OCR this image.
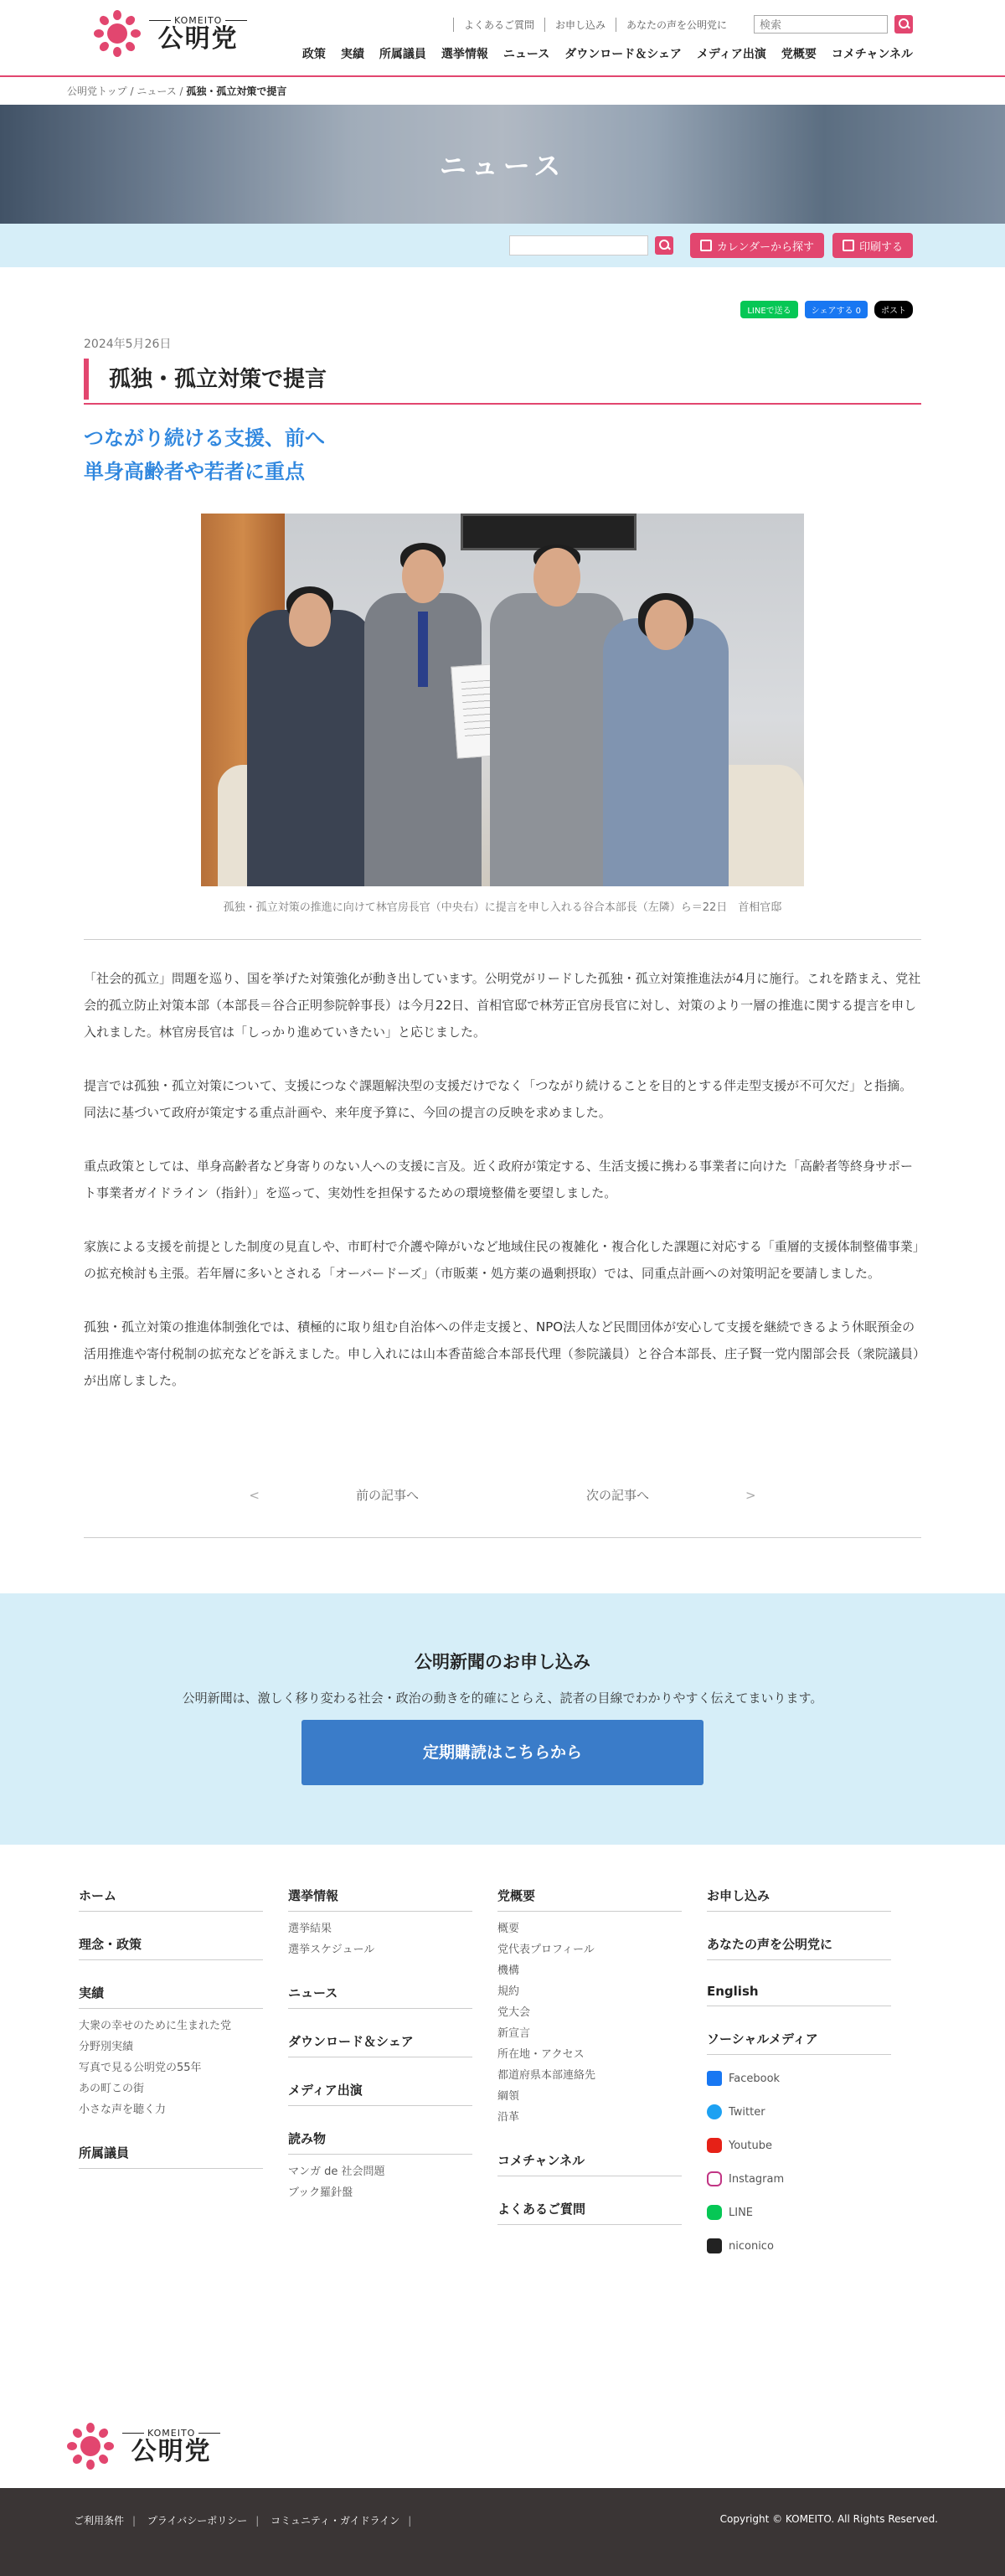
KOMEITO
公明党	よくあるご質問	お申し込み	あなたの声を公明党に
検索
政策 実績 所属議員 選挙情報 ニュース ダウンロード＆シェア メディア出演 党概要 コメチャンネル
公明党トップ / ニュース / 孤独・孤立対策で提言
ニュース
カレンダーから探す	印刷する
LINEで送る	シェアする 0	ポスト
2024年5月26日
孤独・孤立対策で提言
つながり続ける支援、前へ
単身高齢者や若者に重点
孤独・孤立対策の推進に向けて林官房長官（中央右）に提言を申し入れる谷合本部長（左隣）ら＝22日　首相官邸

「社会的孤立」問題を巡り、国を挙げた対策強化が動き出しています。公明党がリードした孤独・孤立対策推進法が4月に施行。これを踏まえ、党社会的孤立防止対策本部（本部長＝谷合正明参院幹事長）は今月22日、首相官邸で林芳正官房長官に対し、対策のより一層の推進に関する提言を申し入れました。林官房長官は「しっかり進めていきたい」と応じました。

提言では孤独・孤立対策について、支援につなぐ課題解決型の支援だけでなく「つながり続けることを目的とする伴走型支援が不可欠だ」と指摘。同法に基づいて政府が策定する重点計画や、来年度予算に、今回の提言の反映を求めました。

重点政策としては、単身高齢者など身寄りのない人への支援に言及。近く政府が策定する、生活支援に携わる事業者に向けた「高齢者等終身サポート事業者ガイドライン（指針）」を巡って、実効性を担保するための環境整備を要望しました。

家族による支援を前提とした制度の見直しや、市町村で介護や障がいなど地域住民の複雑化・複合化した課題に対応する「重層的支援体制整備事業」の拡充検討も主張。若年層に多いとされる「オーバードーズ」（市販薬・処方薬の過剰摂取）では、同重点計画への対策明記を要請しました。

孤独・孤立対策の推進体制強化では、積極的に取り組む自治体への伴走支援と、NPO法人など民間団体が安心して支援を継続できるよう休眠預金の活用推進や寄付税制の拡充などを訴えました。申し入れには山本香苗総合本部長代理（参院議員）と谷合本部長、庄子賢一党内閣部会長（衆院議員）が出席しました。

<　	前の記事へ	次の記事へ　	>
公明新聞のお申し込み

公明新聞は、激しく移り変わる社会・政治の動きを的確にとらえ、読者の目線でわかりやすく伝えてまいります。

定期購読はこちらから
ホーム
理念・政策
実績
大衆の幸せのために生まれた党
分野別実績
写真で見る公明党の55年
あの町この街
小さな声を聴く力
所属議員
選挙情報
選挙結果
選挙スケジュール
ニュース
ダウンロード＆シェア
メディア出演
読み物
マンガ de 社会問題
ブック羅針盤
党概要
概要
党代表プロフィール
機構
規約
党大会
新宣言
所在地・アクセス
都道府県本部連絡先
綱領
沿革
コメチャンネル
よくあるご質問
お申し込み
あなたの声を公明党に
English
ソーシャルメディア
Facebook
Twitter
Youtube
Instagram
LINE
niconico
KOMEITO
公明党
ご利用条件 | プライバシーポリシー | コミュニティ・ガイドライン |	Copyright © KOMEITO. All Rights Reserved.
